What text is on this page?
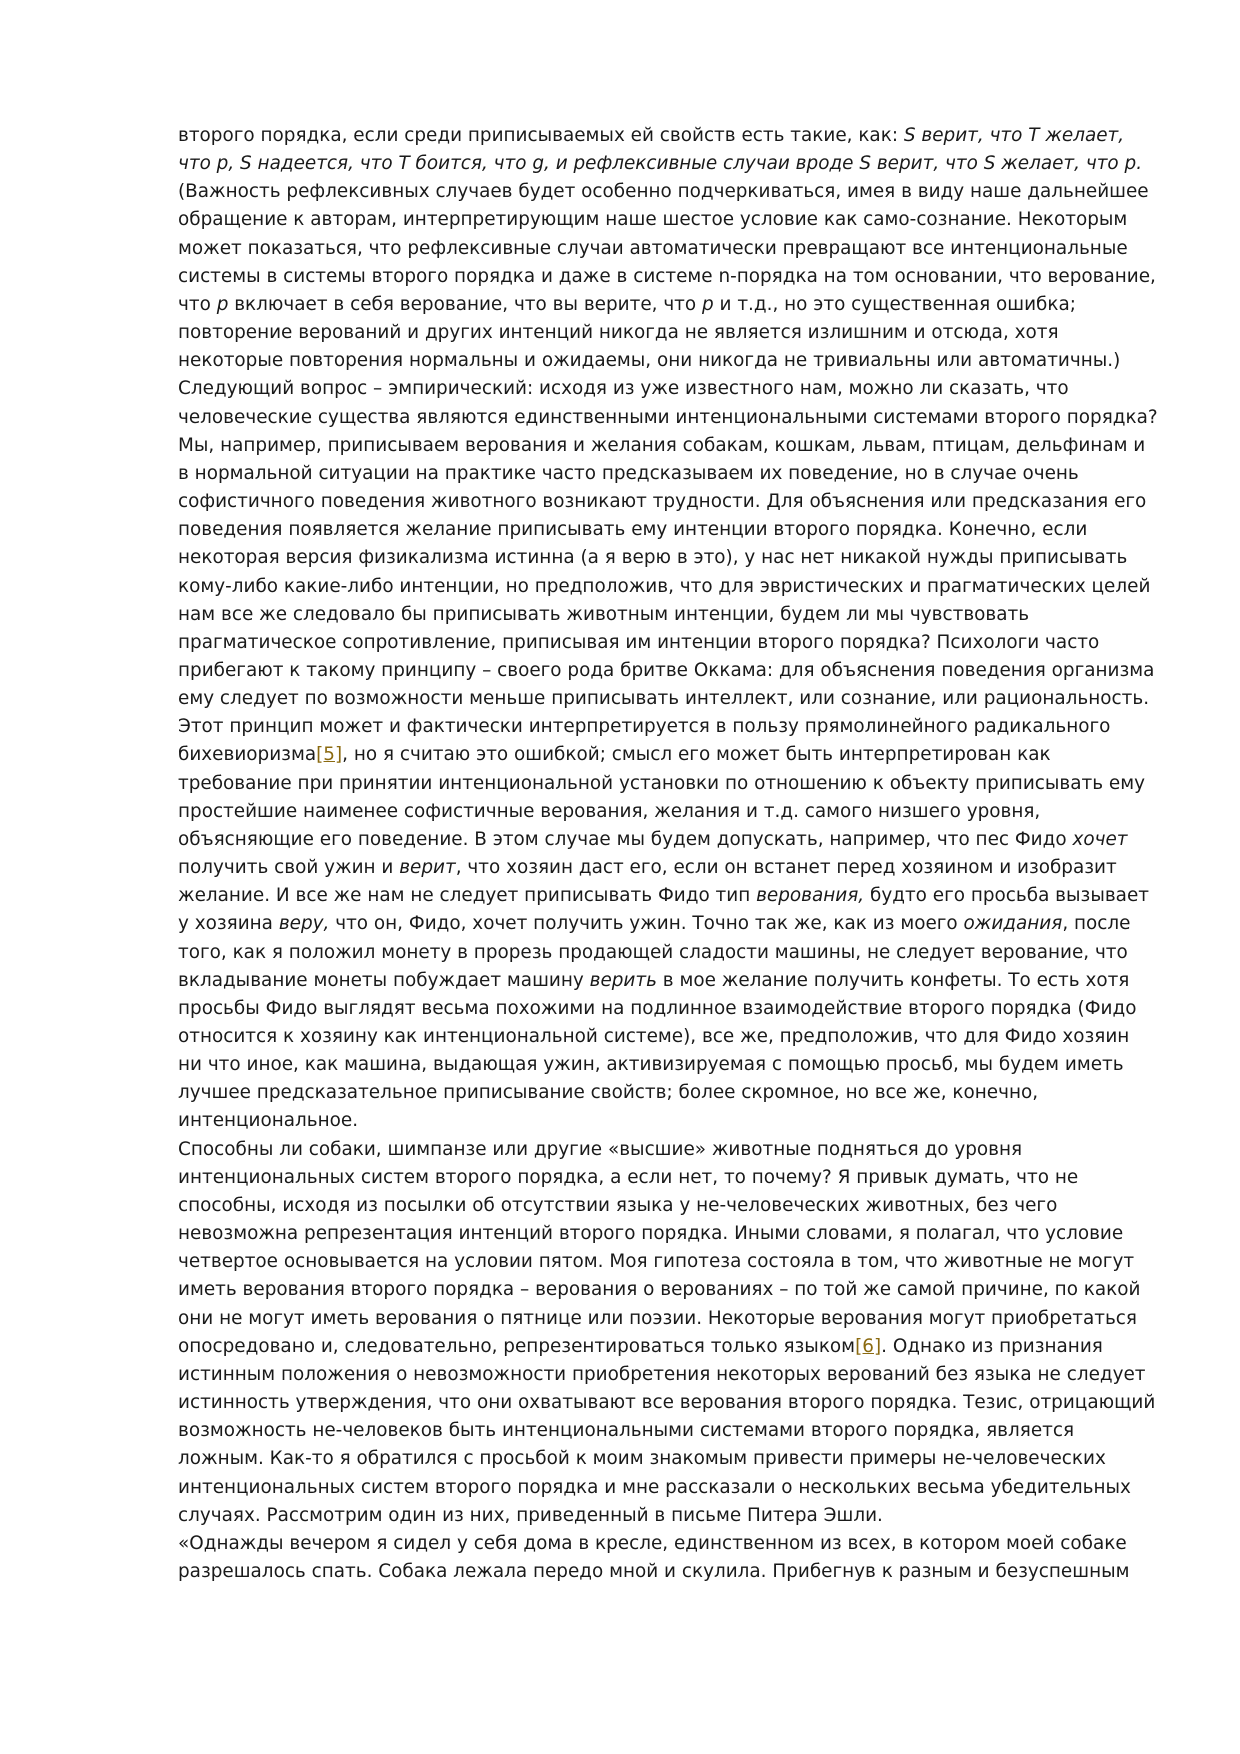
второго порядка, если среди приписываемых ей свойств есть такие, как: S верит, что T желает, что p, S надеется, что T боится, что g, и рефлексивные случаи вроде S верит, что S желает, что p. (Важность рефлексивных случаев будет особенно подчеркиваться, имея в виду наше дальнейшее обращение к авторам, интерпретирующим наше шестое условие как само-сознание. Некоторым может показаться, что рефлексивные случаи автоматически превращают все интенциональные системы в системы второго порядка и даже в системе n-порядка на том основании, что верование, что p включает в себя верование, что вы верите, что p и т.д., но это существенная ошибка; повторение верований и других интенций никогда не является излишним и отсюда, хотя некоторые повторения нормальны и ожидаемы, они никогда не тривиальны или автоматичны.)

Следующий вопрос – эмпирический: исходя из уже известного нам, можно ли сказать, что человеческие существа являются единственными интенциональными системами второго порядка? Мы, например, приписываем верования и желания собакам, кошкам, львам, птицам, дельфинам и в нормальной ситуации на практике часто предсказываем их поведение, но в случае очень софистичного поведения животного возникают трудности. Для объяснения или предсказания его поведения появляется желание приписывать ему интенции второго порядка. Конечно, если некоторая версия физикализма истинна (а я верю в это), у нас нет никакой нужды приписывать кому-либо какие-либо интенции, но предположив, что для эвристических и прагматических целей нам все же следовало бы приписывать животным интенции, будем ли мы чувствовать прагматическое сопротивление, приписывая им интенции второго порядка? Психологи часто прибегают к такому принципу – своего рода бритве Оккама: для объяснения поведения организма ему следует по возможности меньше приписывать интеллект, или сознание, или рациональность. Этот принцип может и фактически интерпретируется в пользу прямолинейного радикального бихевиоризма[5], но я считаю это ошибкой; смысл его может быть интерпретирован как требование при принятии интенциональной установки по отношению к объекту приписывать ему простейшие наименее софистичные верования, желания и т.д. самого низшего уровня, объясняющие его поведение. В этом случае мы будем допускать, например, что пес Фидо хочет получить свой ужин и верит, что хозяин даст его, если он встанет перед хозяином и изобразит желание. И все же нам не следует приписывать Фидо тип верования, будто его просьба вызывает у хозяина веру, что он, Фидо, хочет получить ужин. Точно так же, как из моего ожидания, после того, как я положил монету в прорезь продающей сладости машины, не следует верование, что вкладывание монеты побуждает машину верить в мое желание получить конфеты. То есть хотя просьбы Фидо выглядят весьма похожими на подлинное взаимодействие второго порядка (Фидо относится к хозяину как интенциональной системе), все же, предположив, что для Фидо хозяин ни что иное, как машина, выдающая ужин, активизируемая с помощью просьб, мы будем иметь лучшее предсказательное приписывание свойств; более скромное, но все же, конечно, интенциональное.

Способны ли собаки, шимпанзе или другие «высшие» животные подняться до уровня интенциональных систем второго порядка, а если нет, то почему? Я привык думать, что не способны, исходя из посылки об отсутствии языка у не-человеческих животных, без чего невозможна репрезентация интенций второго порядка. Иными словами, я полагал, что условие четвертое основывается на условии пятом. Моя гипотеза состояла в том, что животные не могут иметь верования второго порядка – верования о верованиях – по той же самой причине, по какой они не могут иметь верования о пятнице или поэзии. Некоторые верования могут приобретаться опосредовано и, следовательно, репрезентироваться только языком[6]. Однако из признания истинным положения о невозможности приобретения некоторых верований без языка не следует истинность утверждения, что они охватывают все верования второго порядка. Тезис, отрицающий возможность не-человеков быть интенциональными системами второго порядка, является ложным. Как-то я обратился с просьбой к моим знакомым привести примеры не-человеческих интенциональных систем второго порядка и мне рассказали о нескольких весьма убедительных случаях. Рассмотрим один из них, приведенный в письме Питера Эшли.

«Однажды вечером я сидел у себя дома в кресле, единственном из всех, в котором моей собаке разрешалось спать. Собака лежала передо мной и скулила. Прибегнув к разным и безуспешным
